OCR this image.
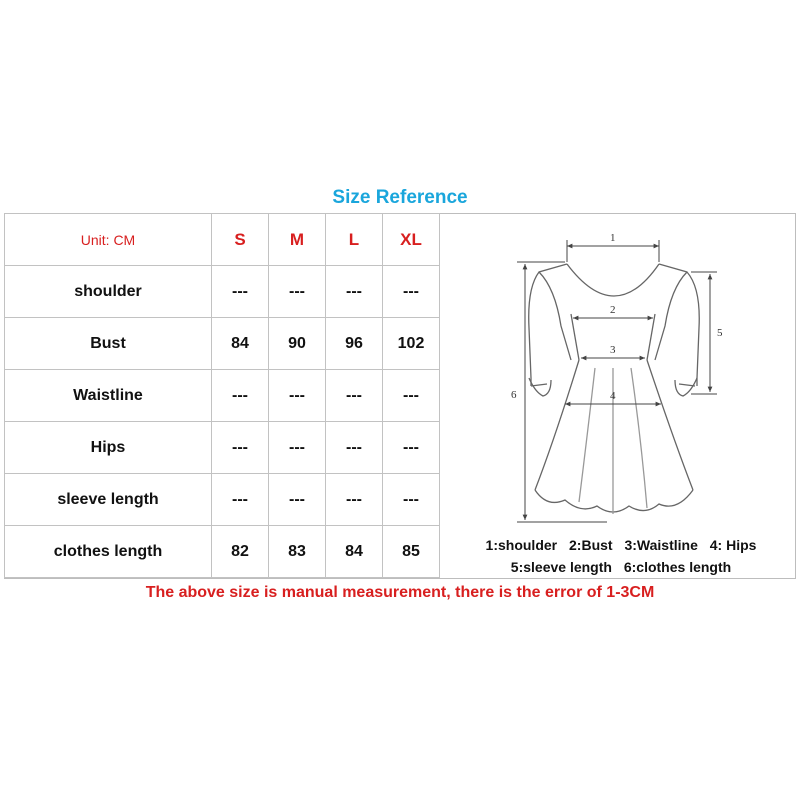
Size Reference
Unit: CM	S	M	L	XL
shoulder	---	---	---	---
Bust	84	90	96	102
Waistline	---	---	---	---
Hips	---	---	---	---
sleeve length	---	---	---	---
clothes length	82	83	84	85
1
2
3
4
5
6
1:shoulder 2:Bust 3:Waistline 4: Hips
5:sleeve length 6:clothes length
The above size is manual measurement, there is the error of 1-3CM
